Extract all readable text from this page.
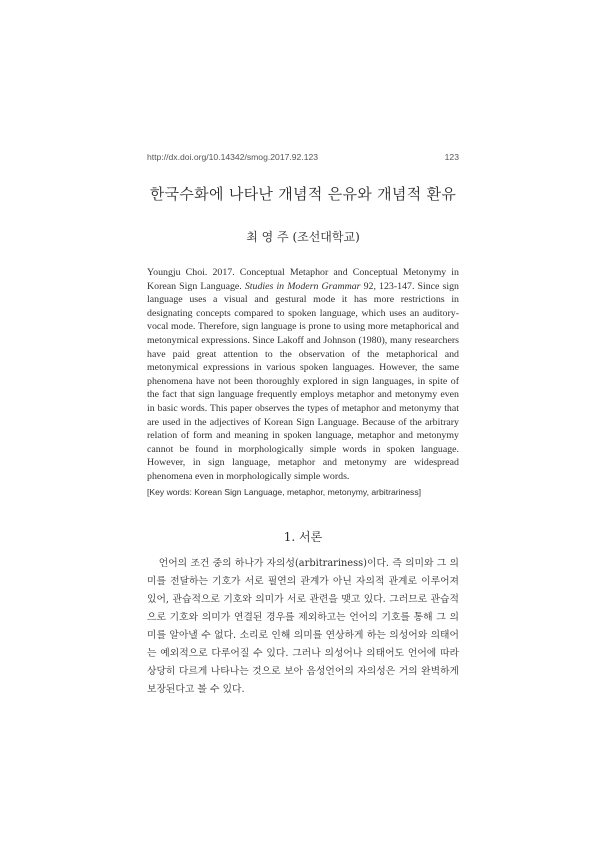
http://dx.doi.org/10.14342/smog.2017.92.123	123
한국수화에 나타난 개념적 은유와 개념적 환유
최 영 주 (조선대학교)

Youngju Choi. 2017. Conceptual Metaphor and Conceptual Metonymy in Korean Sign Language. Studies in Modern Grammar 92, 123-147. Since sign language uses a visual and gestural mode it has more restrictions in designating concepts compared to spoken language, which uses an auditory-vocal mode. Therefore, sign language is prone to using more metaphorical and metonymical expressions. Since Lakoff and Johnson (1980), many researchers have paid great attention to the observation of the metaphorical and metonymical expressions in various spoken languages. However, the same phenomena have not been thoroughly explored in sign languages, in spite of the fact that sign language frequently employs metaphor and metonymy even in basic words. This paper observes the types of metaphor and metonymy that are used in the adjectives of Korean Sign Language. Because of the arbitrary relation of form and meaning in spoken language, metaphor and metonymy cannot be found in morphologically simple words in spoken language. However, in sign language, metaphor and metonymy are widespread phenomena even in morphologically simple words.

[Key words: Korean Sign Language, metaphor, metonymy, arbitrariness]
1. 서론

언어의 조건 중의 하나가 자의성(arbitrariness)이다. 즉 의미와 그 의미를 전달하는 기호가 서로 필연의 관계가 아닌 자의적 관계로 이루어져 있어, 관습적으로 기호와 의미가 서로 관련을 맺고 있다. 그러므로 관습적으로 기호와 의미가 연결된 경우를 제외하고는 언어의 기호를 통해 그 의미를 알아낼 수 없다. 소리로 인해 의미를 연상하게 하는 의성어와 의태어는 예외적으로 다루어질 수 있다. 그러나 의성어나 의태어도 언어에 따라 상당히 다르게 나타나는 것으로 보아 음성언어의 자의성은 거의 완벽하게 보장된다고 볼 수 있다.
